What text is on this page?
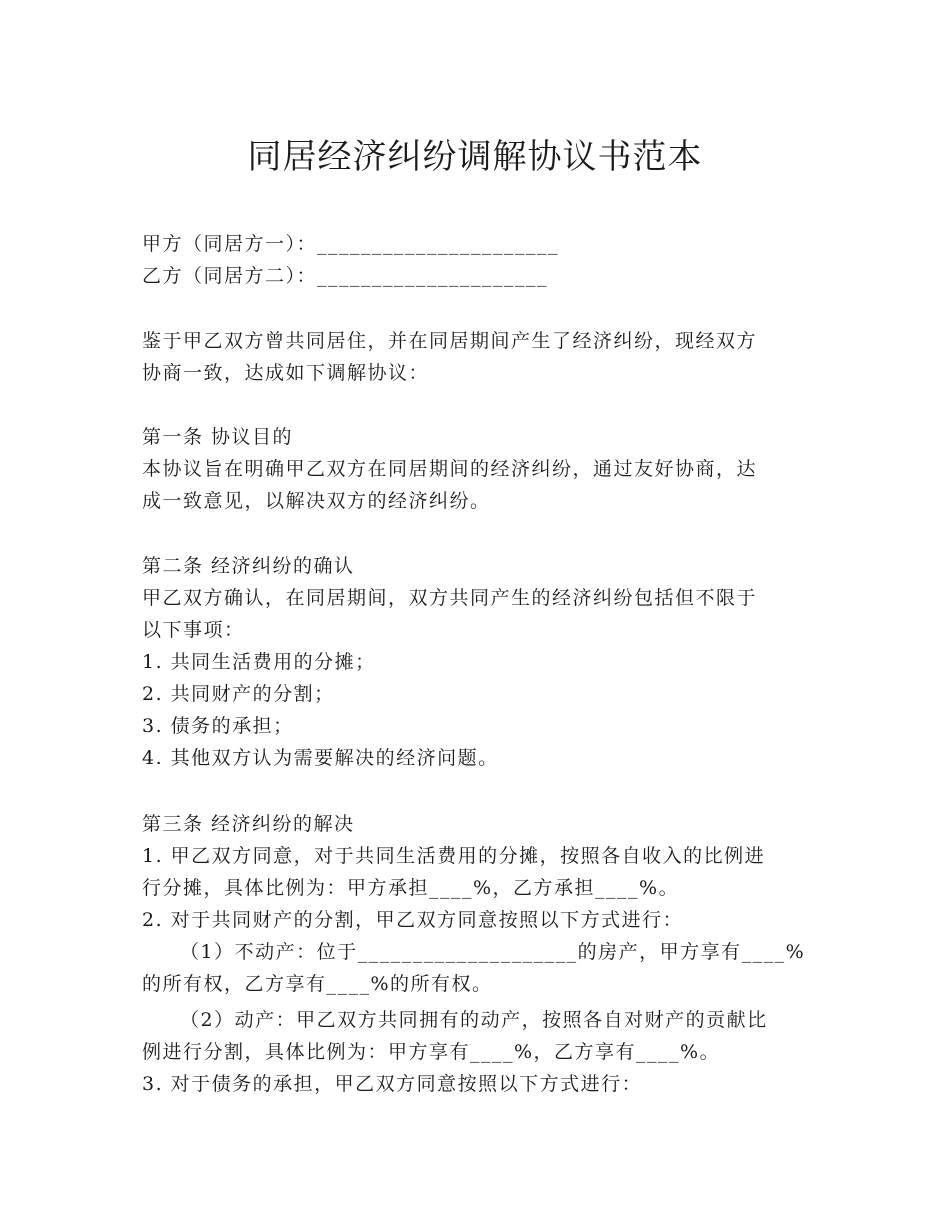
同居经济纠纷调解协议书范本
甲方（同居方一）：______________________
乙方（同居方二）：_____________________
鉴于甲乙双方曾共同居住，并在同居期间产生了经济纠纷，现经双方
协商一致，达成如下调解协议：
第一条 协议目的
本协议旨在明确甲乙双方在同居期间的经济纠纷，通过友好协商，达
成一致意见，以解决双方的经济纠纷。
第二条 经济纠纷的确认
甲乙双方确认，在同居期间，双方共同产生的经济纠纷包括但不限于
以下事项：
1. 共同生活费用的分摊；
2. 共同财产的分割；
3. 债务的承担；
4. 其他双方认为需要解决的经济问题。
第三条 经济纠纷的解决
1. 甲乙双方同意，对于共同生活费用的分摊，按照各自收入的比例进
行分摊，具体比例为：甲方承担____%，乙方承担____%。
2. 对于共同财产的分割，甲乙双方同意按照以下方式进行：
（1）不动产：位于____________________的房产，甲方享有____%
的所有权，乙方享有____%的所有权。
（2）动产：甲乙双方共同拥有的动产，按照各自对财产的贡献比
例进行分割，具体比例为：甲方享有____%，乙方享有____%。
3. 对于债务的承担，甲乙双方同意按照以下方式进行：
